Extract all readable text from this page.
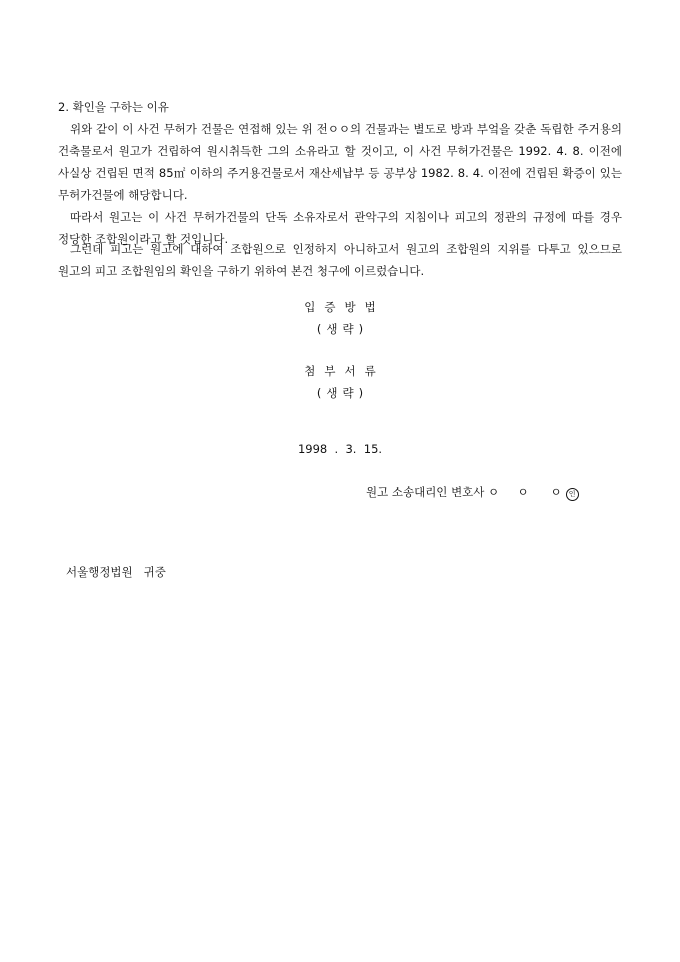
2. 확인을 구하는 이유
위와 같이 이 사건 무허가 건물은 연접해 있는 위 전ㅇㅇ의 건물과는 별도로 방과 부엌을 갖춘 독립한 주거용의 건축물로서 원고가 건립하여 원시취득한 그의 소유라고 할 것이고, 이 사건 무허가건물은 1992. 4. 8. 이전에 사실상 건립된 면적 85㎡ 이하의 주거용건물로서 재산세납부 등 공부상 1982. 8. 4. 이전에 건립된 확증이 있는 무허가건물에 해당합니다.
따라서 원고는 이 사건 무허가건물의 단독 소유자로서 관악구의 지침이나 피고의 정관의 규정에 따를 경우 정당한 조합원이라고 할 것입니다.
그런데 피고는 원고에 대하여 조합원으로 인정하지 아니하고서 원고의 조합원의 지위를 다투고 있으므로 원고의 피고 조합원임의 확인을 구하기 위하여 본건 청구에 이르렀습니다.
입증방법
(생략)
첨부서류
(생략)
1998  .  3.  15.
원고 소송대리인 변호사 ㅇ     ㅇ      ㅇ 인
서울행정법원   귀중
